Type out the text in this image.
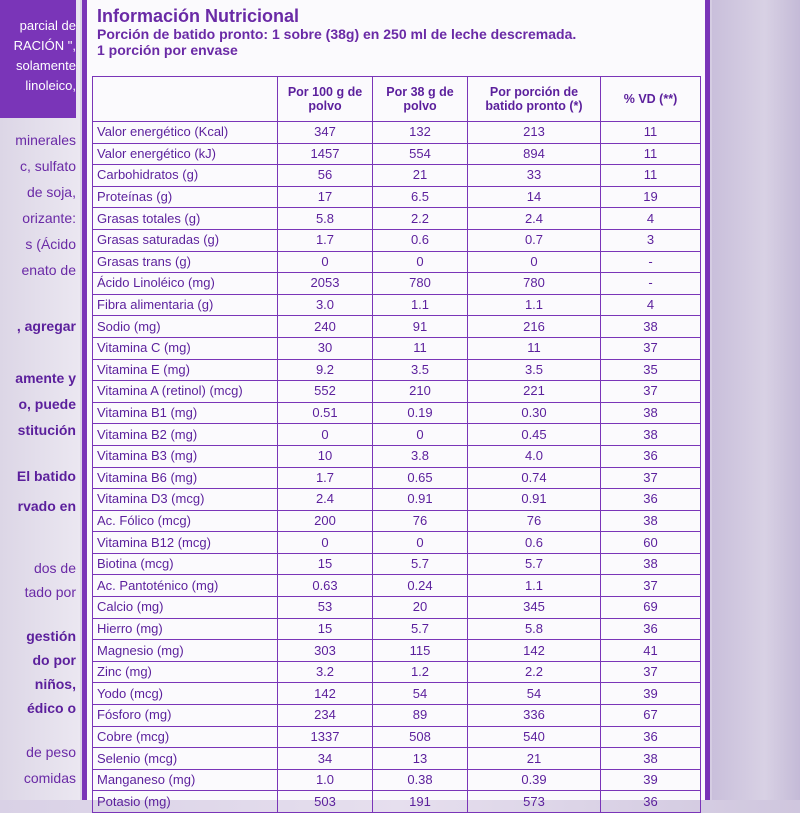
parcial de
RACIÓN ",
solamente
linoleico,
minerales
c, sulfato
de soja,
orizante:
s (Ácido
enato de
, agregar
amente y
o, puede
stitución
El batido
rvado en
dos de
tado por
gestión
do por
niños,
édico o
de peso
comidas
Información Nutricional
Porción de batido pronto: 1 sobre (38g) en 250 ml de leche descremada.
1 porción por envase
	Por 100 g de polvo	Por 38 g de polvo	Por porción de batido pronto (*)	% VD (**)
Valor energético (Kcal)	347	132	213	11
Valor energético (kJ)	1457	554	894	11
Carbohidratos (g)	56	21	33	11
Proteínas (g)	17	6.5	14	19
Grasas totales (g)	5.8	2.2	2.4	4
Grasas saturadas (g)	1.7	0.6	0.7	3
Grasas trans (g)	0	0	0	-
Ácido Linoléico (mg)	2053	780	780	-
Fibra alimentaria (g)	3.0	1.1	1.1	4
Sodio (mg)	240	91	216	38
Vitamina C (mg)	30	11	11	37
Vitamina E (mg)	9.2	3.5	3.5	35
Vitamina A (retinol) (mcg)	552	210	221	37
Vitamina B1 (mg)	0.51	0.19	0.30	38
Vitamina B2 (mg)	0	0	0.45	38
Vitamina B3 (mg)	10	3.8	4.0	36
Vitamina B6 (mg)	1.7	0.65	0.74	37
Vitamina D3 (mcg)	2.4	0.91	0.91	36
Ac. Fólico (mcg)	200	76	76	38
Vitamina B12 (mcg)	0	0	0.6	60
Biotina (mcg)	15	5.7	5.7	38
Ac. Pantoténico (mg)	0.63	0.24	1.1	37
Calcio (mg)	53	20	345	69
Hierro (mg)	15	5.7	5.8	36
Magnesio (mg)	303	115	142	41
Zinc (mg)	3.2	1.2	2.2	37
Yodo (mcg)	142	54	54	39
Fósforo (mg)	234	89	336	67
Cobre (mcg)	1337	508	540	36
Selenio (mcg)	34	13	21	38
Manganeso (mg)	1.0	0.38	0.39	39
Potasio (mg)	503	191	573	36
